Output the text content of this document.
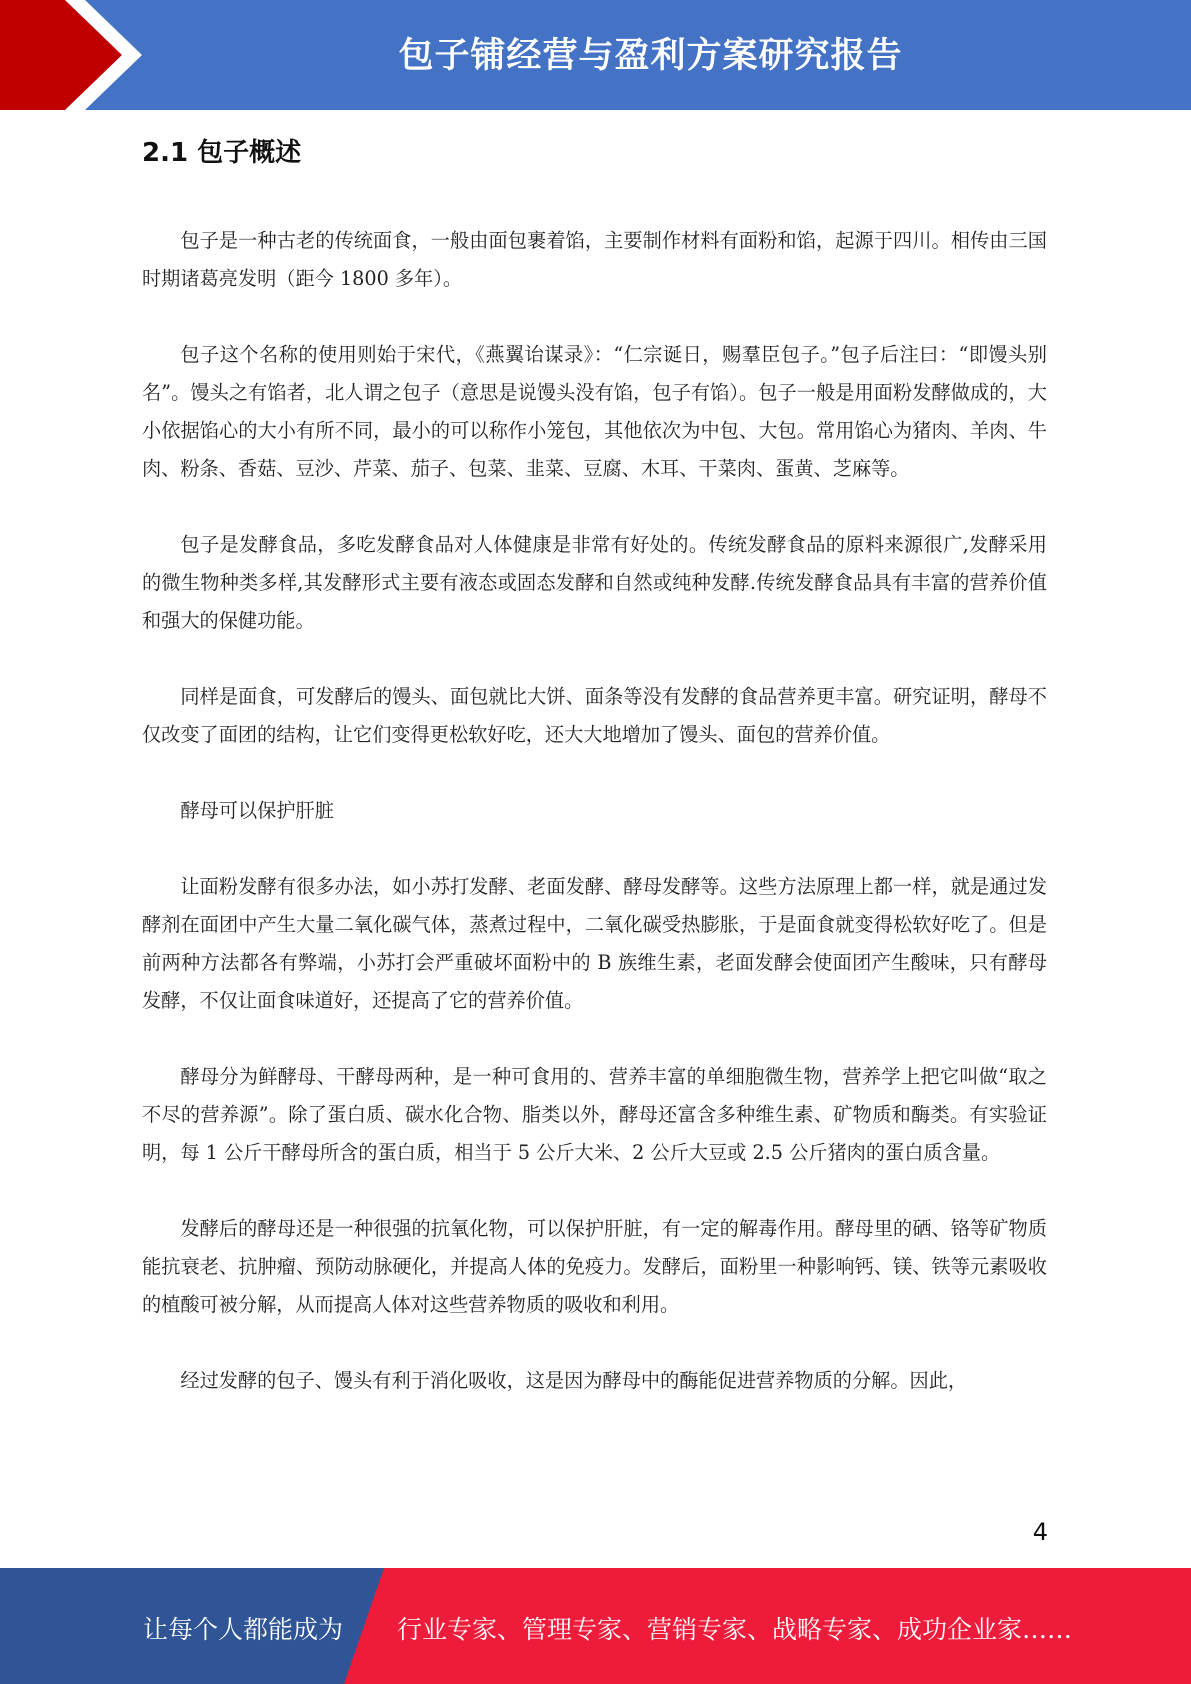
包子铺经营与盈利方案研究报告
2.1 包子概述

包子是一种古老的传统面食，一般由面包裹着馅，主要制作材料有面粉和馅，起源于四川。相传由三国时期诸葛亮发明（距今 1800 多年）。

包子这个名称的使用则始于宋代，《燕翼诒谋录》：“仁宗诞日，赐羣臣包子。”包子后注曰：“即馒头别名”。馒头之有馅者，北人谓之包子（意思是说馒头没有馅，包子有馅）。包子一般是用面粉发酵做成的，大小依据馅心的大小有所不同，最小的可以称作小笼包，其他依次为中包、大包。常用馅心为猪肉、羊肉、牛肉、粉条、香菇、豆沙、芹菜、茄子、包菜、韭菜、豆腐、木耳、干菜肉、蛋黄、芝麻等。

包子是发酵食品，多吃发酵食品对人体健康是非常有好处的。传统发酵食品的原料来源很广,发酵采用的微生物种类多样,其发酵形式主要有液态或固态发酵和自然或纯种发酵.传统发酵食品具有丰富的营养价值和强大的保健功能。

同样是面食，可发酵后的馒头、面包就比大饼、面条等没有发酵的食品营养更丰富。研究证明，酵母不仅改变了面团的结构，让它们变得更松软好吃，还大大地增加了馒头、面包的营养价值。

酵母可以保护肝脏

让面粉发酵有很多办法，如小苏打发酵、老面发酵、酵母发酵等。这些方法原理上都一样，就是通过发酵剂在面团中产生大量二氧化碳气体，蒸煮过程中，二氧化碳受热膨胀，于是面食就变得松软好吃了。但是前两种方法都各有弊端，小苏打会严重破坏面粉中的 B 族维生素，老面发酵会使面团产生酸味，只有酵母发酵，不仅让面食味道好，还提高了它的营养价值。

酵母分为鲜酵母、干酵母两种，是一种可食用的、营养丰富的单细胞微生物，营养学上把它叫做“取之不尽的营养源”。除了蛋白质、碳水化合物、脂类以外，酵母还富含多种维生素、矿物质和酶类。有实验证明，每 1 公斤干酵母所含的蛋白质，相当于 5 公斤大米、2 公斤大豆或 2.5 公斤猪肉的蛋白质含量。

发酵后的酵母还是一种很强的抗氧化物，可以保护肝脏，有一定的解毒作用。酵母里的硒、铬等矿物质能抗衰老、抗肿瘤、预防动脉硬化，并提高人体的免疫力。发酵后，面粉里一种影响钙、镁、铁等元素吸收的植酸可被分解，从而提高人体对这些营养物质的吸收和利用。

经过发酵的包子、馒头有利于消化吸收，这是因为酵母中的酶能促进营养物质的分解。因此，

4
让每个人都能成为 行业专家、管理专家、营销专家、战略专家、成功企业家……
